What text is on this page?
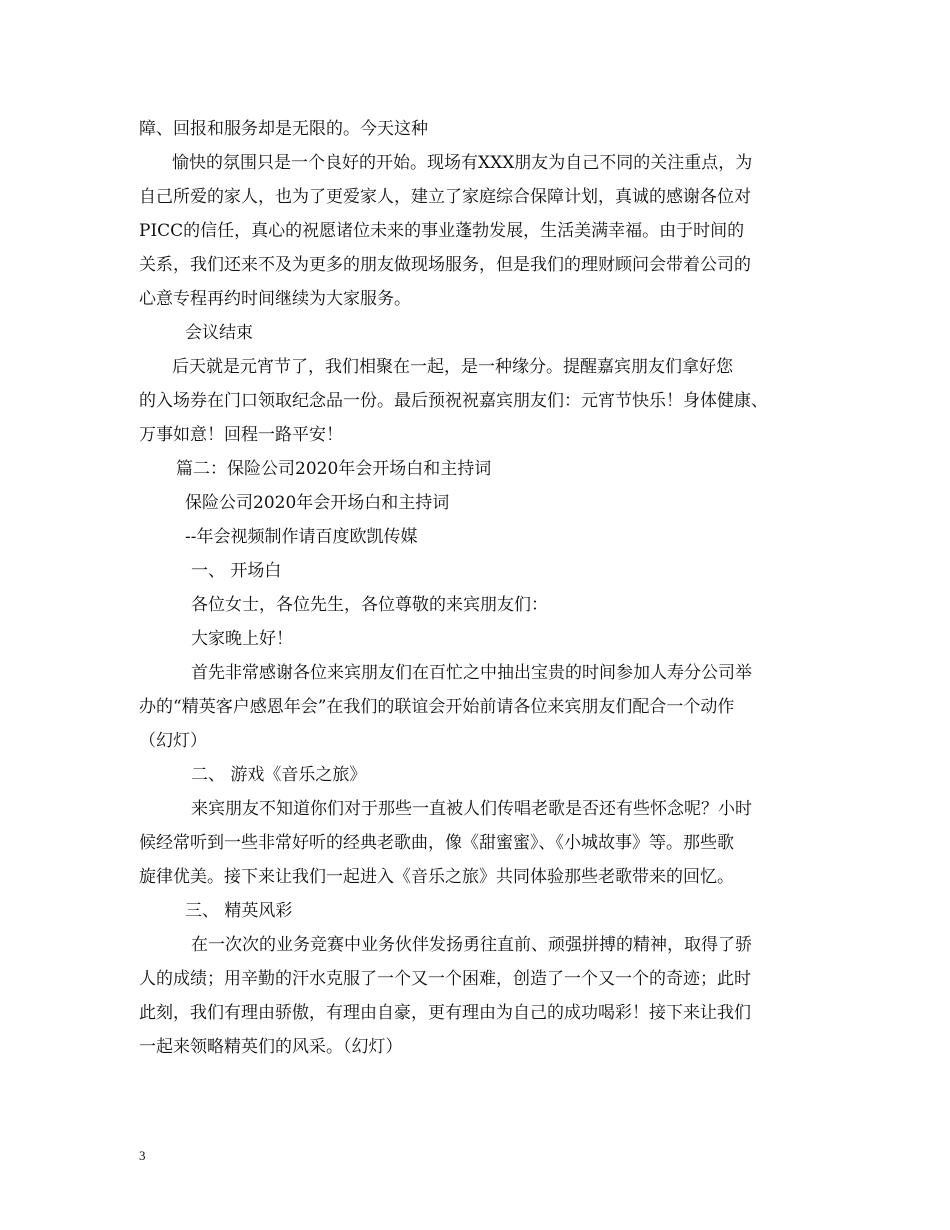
障、回报和服务却是无限的。今天这种
愉快的氛围只是一个良好的开始。现场有XXX朋友为自己不同的关注重点，为
自己所爱的家人，也为了更爱家人，建立了家庭综合保障计划，真诚的感谢各位对
PICC的信任，真心的祝愿诸位未来的事业蓬勃发展，生活美满幸福。由于时间的
关系，我们还来不及为更多的朋友做现场服务，但是我们的理财顾问会带着公司的
心意专程再约时间继续为大家服务。
会议结束
后天就是元宵节了，我们相聚在一起，是一种缘分。提醒嘉宾朋友们拿好您
的入场券在门口领取纪念品一份。最后预祝祝嘉宾朋友们：元宵节快乐！身体健康、
万事如意！回程一路平安！
篇二：保险公司2020年会开场白和主持词
保险公司2020年会开场白和主持词
--年会视频制作请百度欧凯传媒
一、 开场白
各位女士，各位先生，各位尊敬的来宾朋友们：
大家晚上好！
首先非常感谢各位来宾朋友们在百忙之中抽出宝贵的时间参加人寿分公司举
办的“精英客户感恩年会”在我们的联谊会开始前请各位来宾朋友们配合一个动作
（幻灯）
二、 游戏《音乐之旅》
来宾朋友不知道你们对于那些一直被人们传唱老歌是否还有些怀念呢？小时
候经常听到一些非常好听的经典老歌曲，像《甜蜜蜜》、《小城故事》等。那些歌
旋律优美。接下来让我们一起进入《音乐之旅》共同体验那些老歌带来的回忆。
三、 精英风彩
在一次次的业务竞赛中业务伙伴发扬勇往直前、顽强拼搏的精神，取得了骄
人的成绩；用辛勤的汗水克服了一个又一个困难，创造了一个又一个的奇迹；此时
此刻，我们有理由骄傲，有理由自豪，更有理由为自己的成功喝彩！接下来让我们
一起来领略精英们的风采。（幻灯）
3
